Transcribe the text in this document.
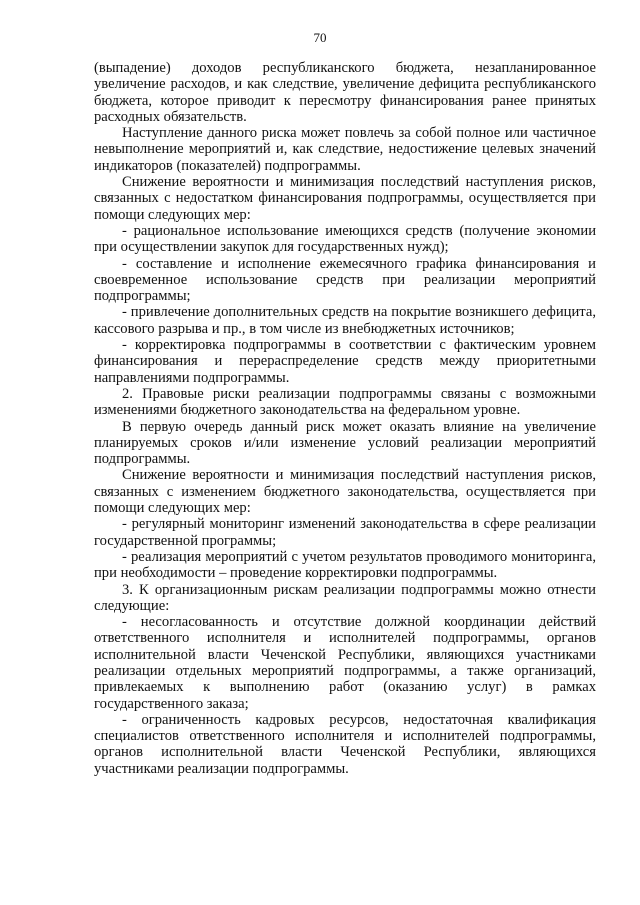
70

(выпадение) доходов республиканского бюджета, незапланированное увеличение расходов, и как следствие, увеличение дефицита республиканского бюджета, которое приводит к пересмотру финансирования ранее принятых расходных обязательств.

Наступление данного риска может повлечь за собой полное или частичное невыполнение мероприятий и, как следствие, недостижение целевых значений индикаторов (показателей) подпрограммы.

Снижение вероятности и минимизация последствий наступления рисков, связанных с недостатком финансирования подпрограммы, осуществляется при помощи следующих мер:

- рациональное использование имеющихся средств (получение экономии при осуществлении закупок для государственных нужд);

- составление и исполнение ежемесячного графика финансирования и своевременное использование средств при реализации мероприятий подпрограммы;

- привлечение дополнительных средств на покрытие возникшего дефицита, кассового разрыва и пр., в том числе из внебюджетных источников;

- корректировка подпрограммы в соответствии с фактическим уровнем финансирования и перераспределение средств между приоритетными направлениями подпрограммы.

2. Правовые риски реализации подпрограммы связаны с возможными изменениями бюджетного законодательства на федеральном уровне.

В первую очередь данный риск может оказать влияние на увеличение планируемых сроков и/или изменение условий реализации мероприятий подпрограммы.

Снижение вероятности и минимизация последствий наступления рисков, связанных с изменением бюджетного законодательства, осуществляется при помощи следующих мер:

- регулярный мониторинг изменений законодательства в сфере реализации государственной программы;

- реализация мероприятий с учетом результатов проводимого мониторинга, при необходимости – проведение корректировки подпрограммы.

3. К организационным рискам реализации подпрограммы можно отнести следующие:

- несогласованность и отсутствие должной координации действий ответственного исполнителя и исполнителей подпрограммы, органов исполнительной власти Чеченской Республики, являющихся участниками реализации отдельных мероприятий подпрограммы, а также организаций, привлекаемых к выполнению работ (оказанию услуг) в рамках государственного заказа;

- ограниченность кадровых ресурсов, недостаточная квалификация специалистов ответственного исполнителя и исполнителей подпрограммы, органов исполнительной власти Чеченской Республики, являющихся участниками реализации подпрограммы.
